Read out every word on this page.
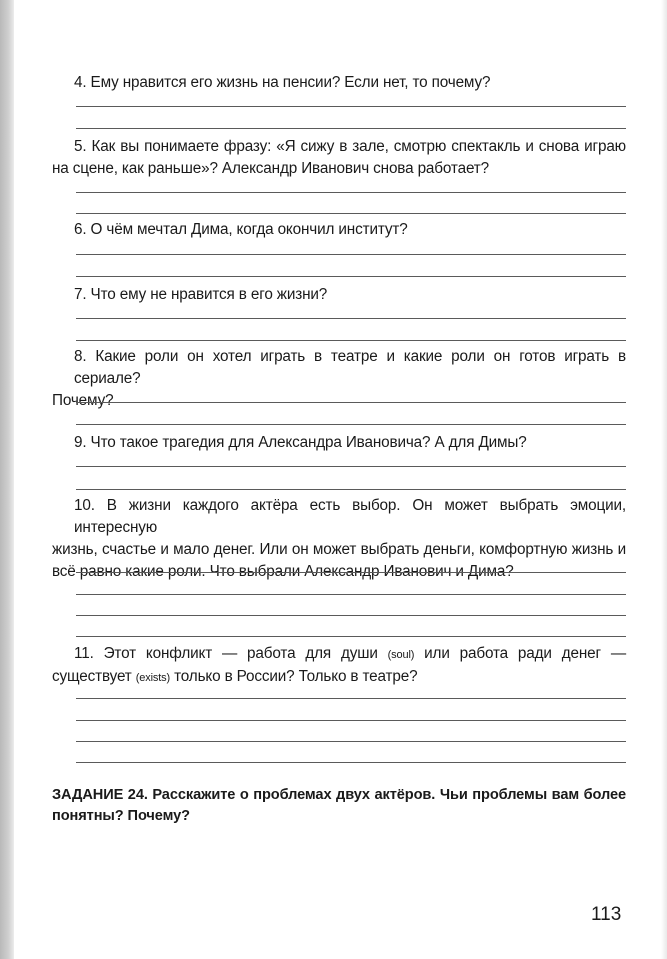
4. Ему нравится его жизнь на пенсии? Если нет, то почему?

5. Как вы понимаете фразу: «Я сижу в зале, смотрю спектакль и снова играю

на сцене, как раньше»? Александр Иванович снова работает?

6. О чём мечтал Дима, когда окончил институт?

7. Что ему не нравится в его жизни?

8. Какие роли он хотел играть в театре и какие роли он готов играть в сериале?

Почему?

9. Что такое трагедия для Александра Ивановича? А для Димы?

10. В жизни каждого актёра есть выбор. Он может выбрать эмоции, интересную

жизнь, счастье и мало денег. Или он может выбрать деньги, комфортную жизнь и

всё равно какие роли. Что выбрали Александр Иванович и Дима?

11. Этот конфликт — работа для души (soul) или работа ради денег —

существует (exists) только в России? Только в театре?

ЗАДАНИЕ 24. Расскажите о проблемах двух актёров. Чьи проблемы вам более
понятны? Почему?
113
